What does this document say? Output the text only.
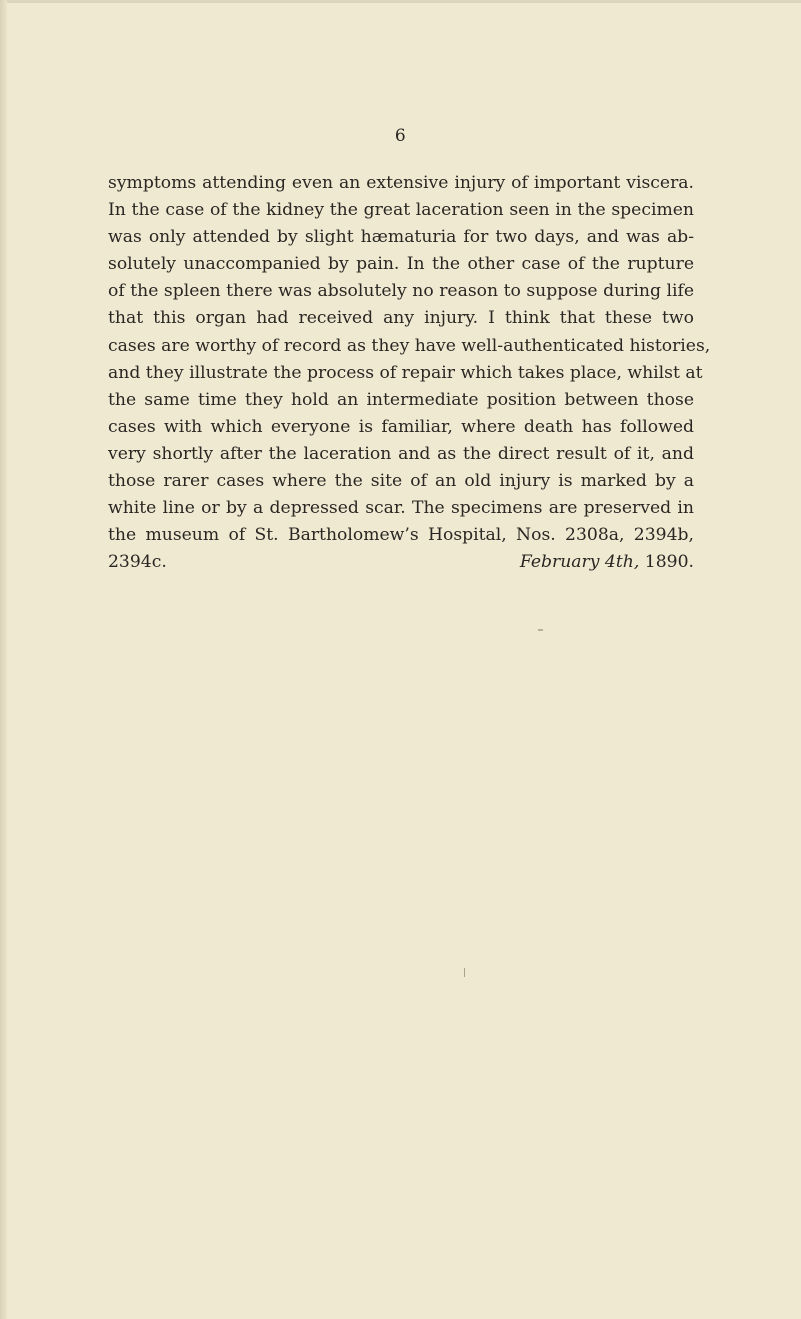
6
symptoms attending even an extensive injury of important viscera.
In the case of the kidney the great laceration seen in the specimen
was only attended by slight hæmaturia for two days, and was ab-
solutely unaccompanied by pain. In the other case of the rupture
of the spleen there was absolutely no reason to suppose during life
that this organ had received any injury. I think that these two
cases are worthy of record as they have well-authenticated histories,
and they illustrate the process of repair which takes place, whilst at
the same time they hold an intermediate position between those
cases with which everyone is familiar, where death has followed
very shortly after the laceration and as the direct result of it, and
those rarer cases where the site of an old injury is marked by a
white line or by a depressed scar. The specimens are preserved in
the museum of St. Bartholomew’s Hospital, Nos. 2308a, 2394b,
2394c.	February 4th, 1890.
